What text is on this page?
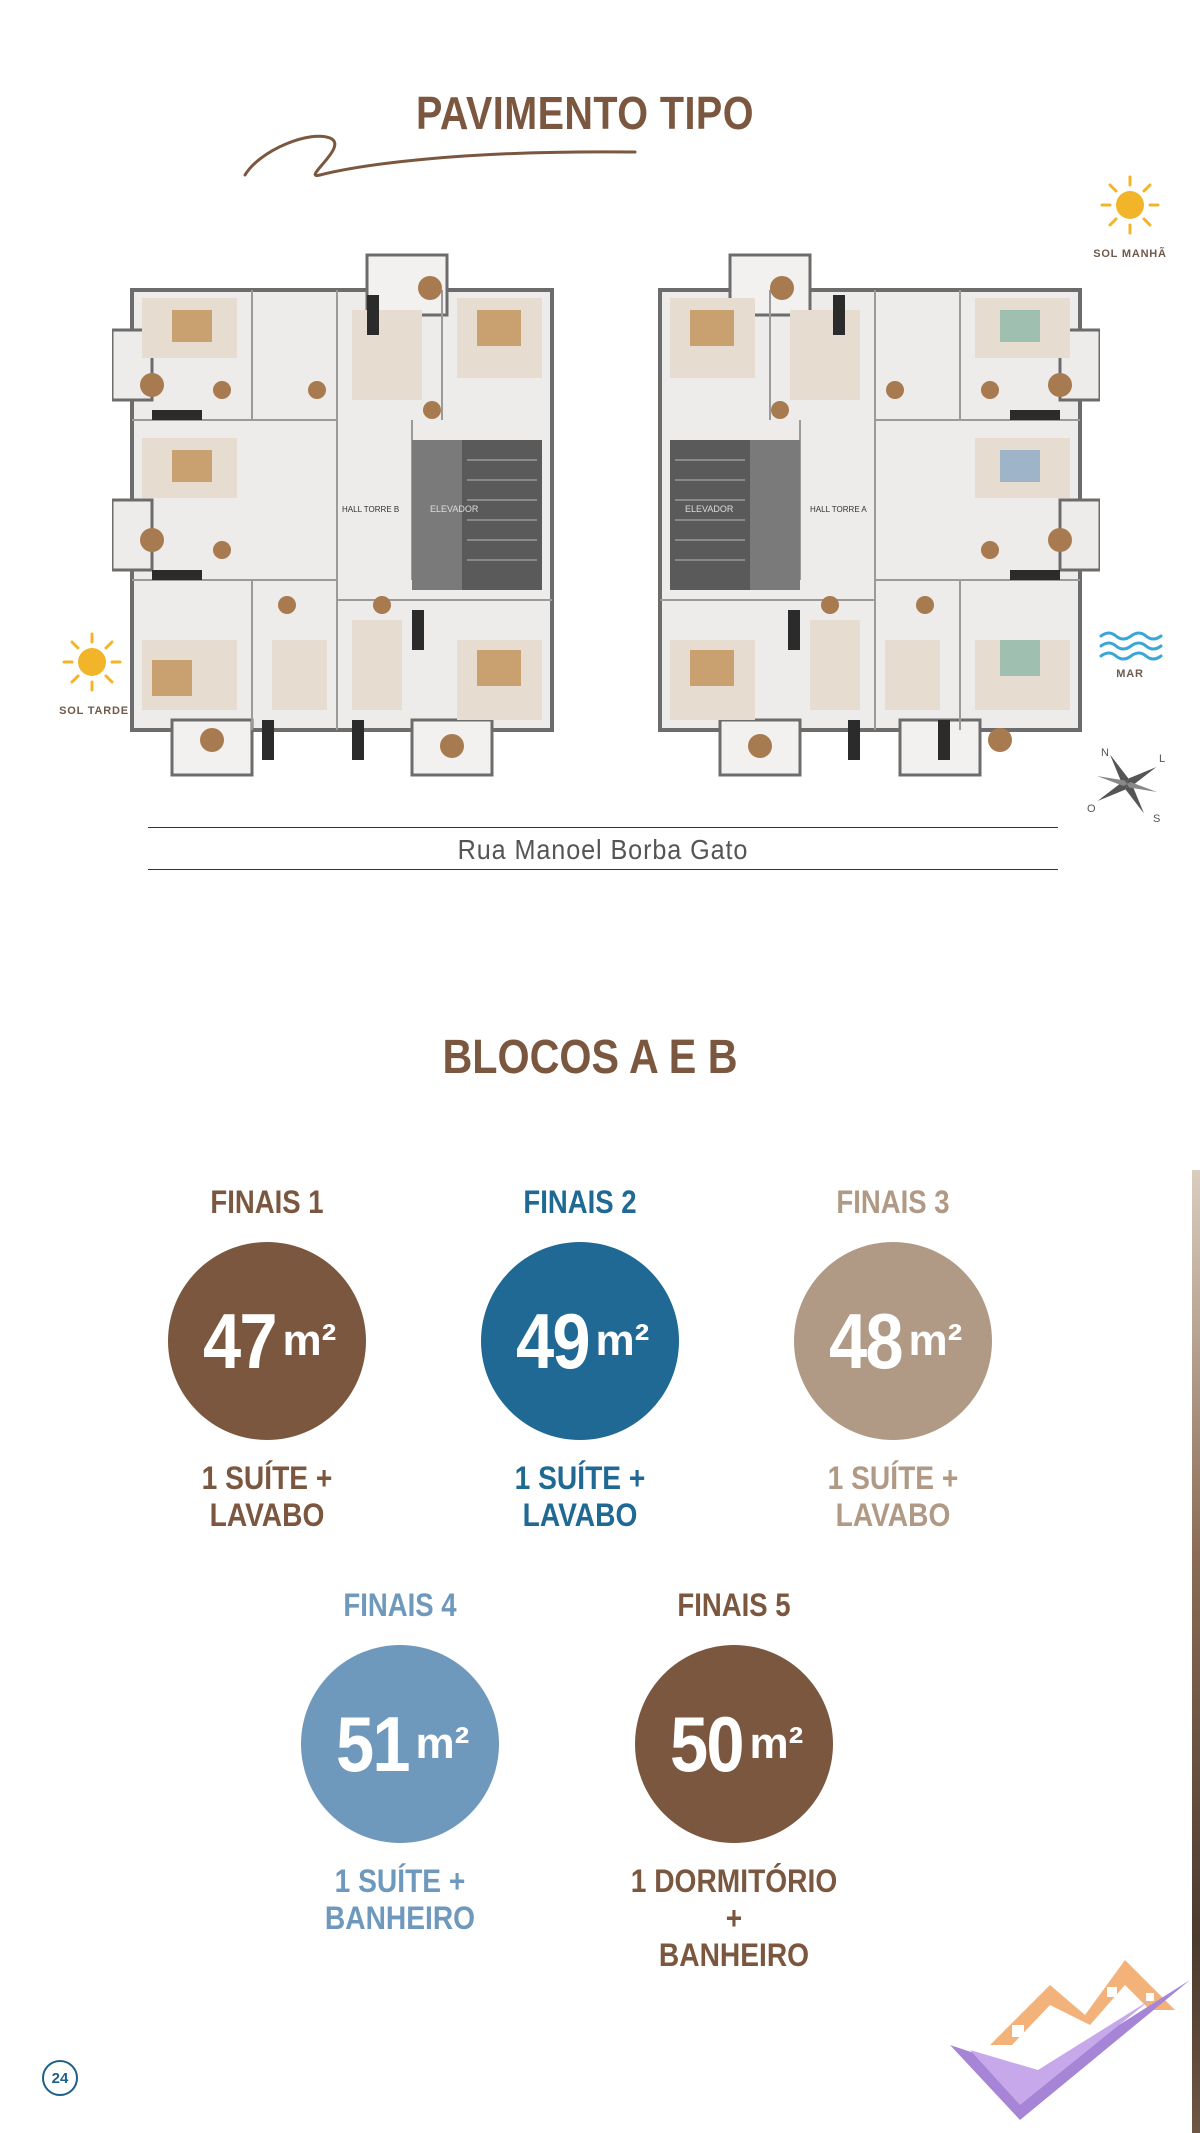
PAVIMENTO TIPO
SOL MANHÃ
SOL TARDE
MAR
N	L
S
O
ELEVADOR
HALL TORRE B	ELEVADOR	HALL TORRE A
Rua Manoel Borba Gato
BLOCOS A E B
FINAIS 1
47 m²
1 SUÍTE +
LAVABO
FINAIS 2
49 m²
1 SUÍTE +
LAVABO
FINAIS 3
48 m²
1 SUÍTE +
LAVABO
FINAIS 4
51 m²
1 SUÍTE +
BANHEIRO
FINAIS 5
50 m²
1 DORMITÓRIO +
BANHEIRO
24
